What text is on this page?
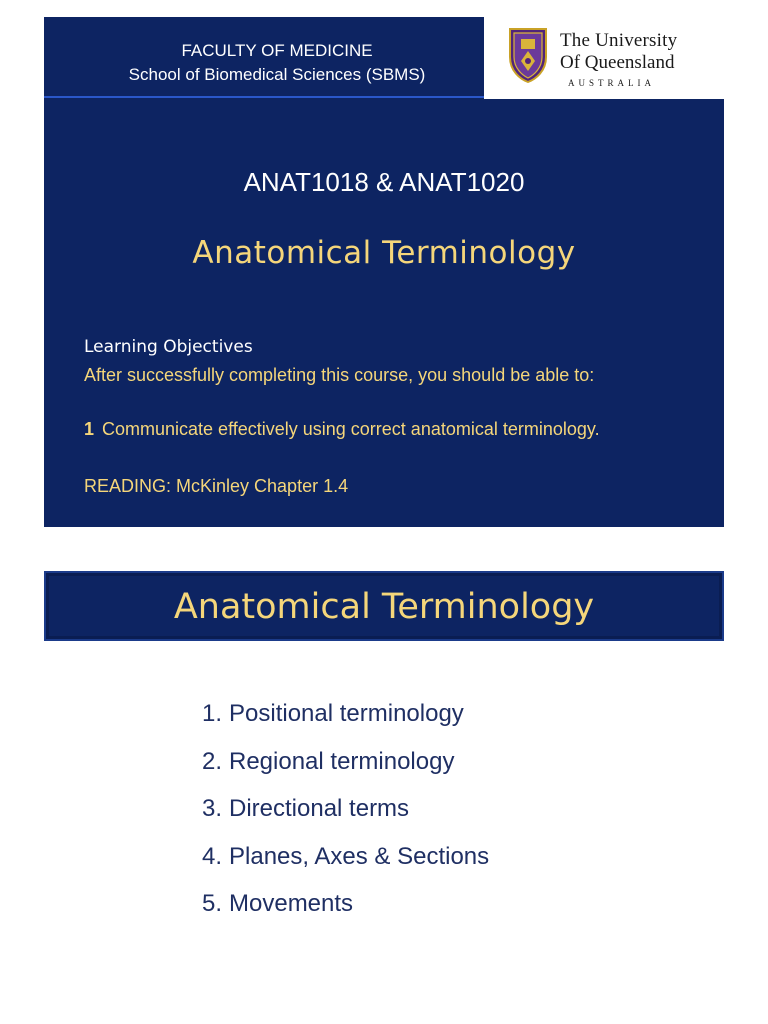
FACULTY OF MEDICINE
School of Biomedical Sciences (SBMS)
The University
Of Queensland
AUSTRALIA
ANAT1018 & ANAT1020
Anatomical Terminology
Learning Objectives
After successfully completing this course, you should be able to:
1 Communicate effectively using correct anatomical terminology.
READING: McKinley Chapter 1.4
Anatomical Terminology
1. Positional terminology
2. Regional terminology
3. Directional terms
4. Planes, Axes & Sections
5. Movements
